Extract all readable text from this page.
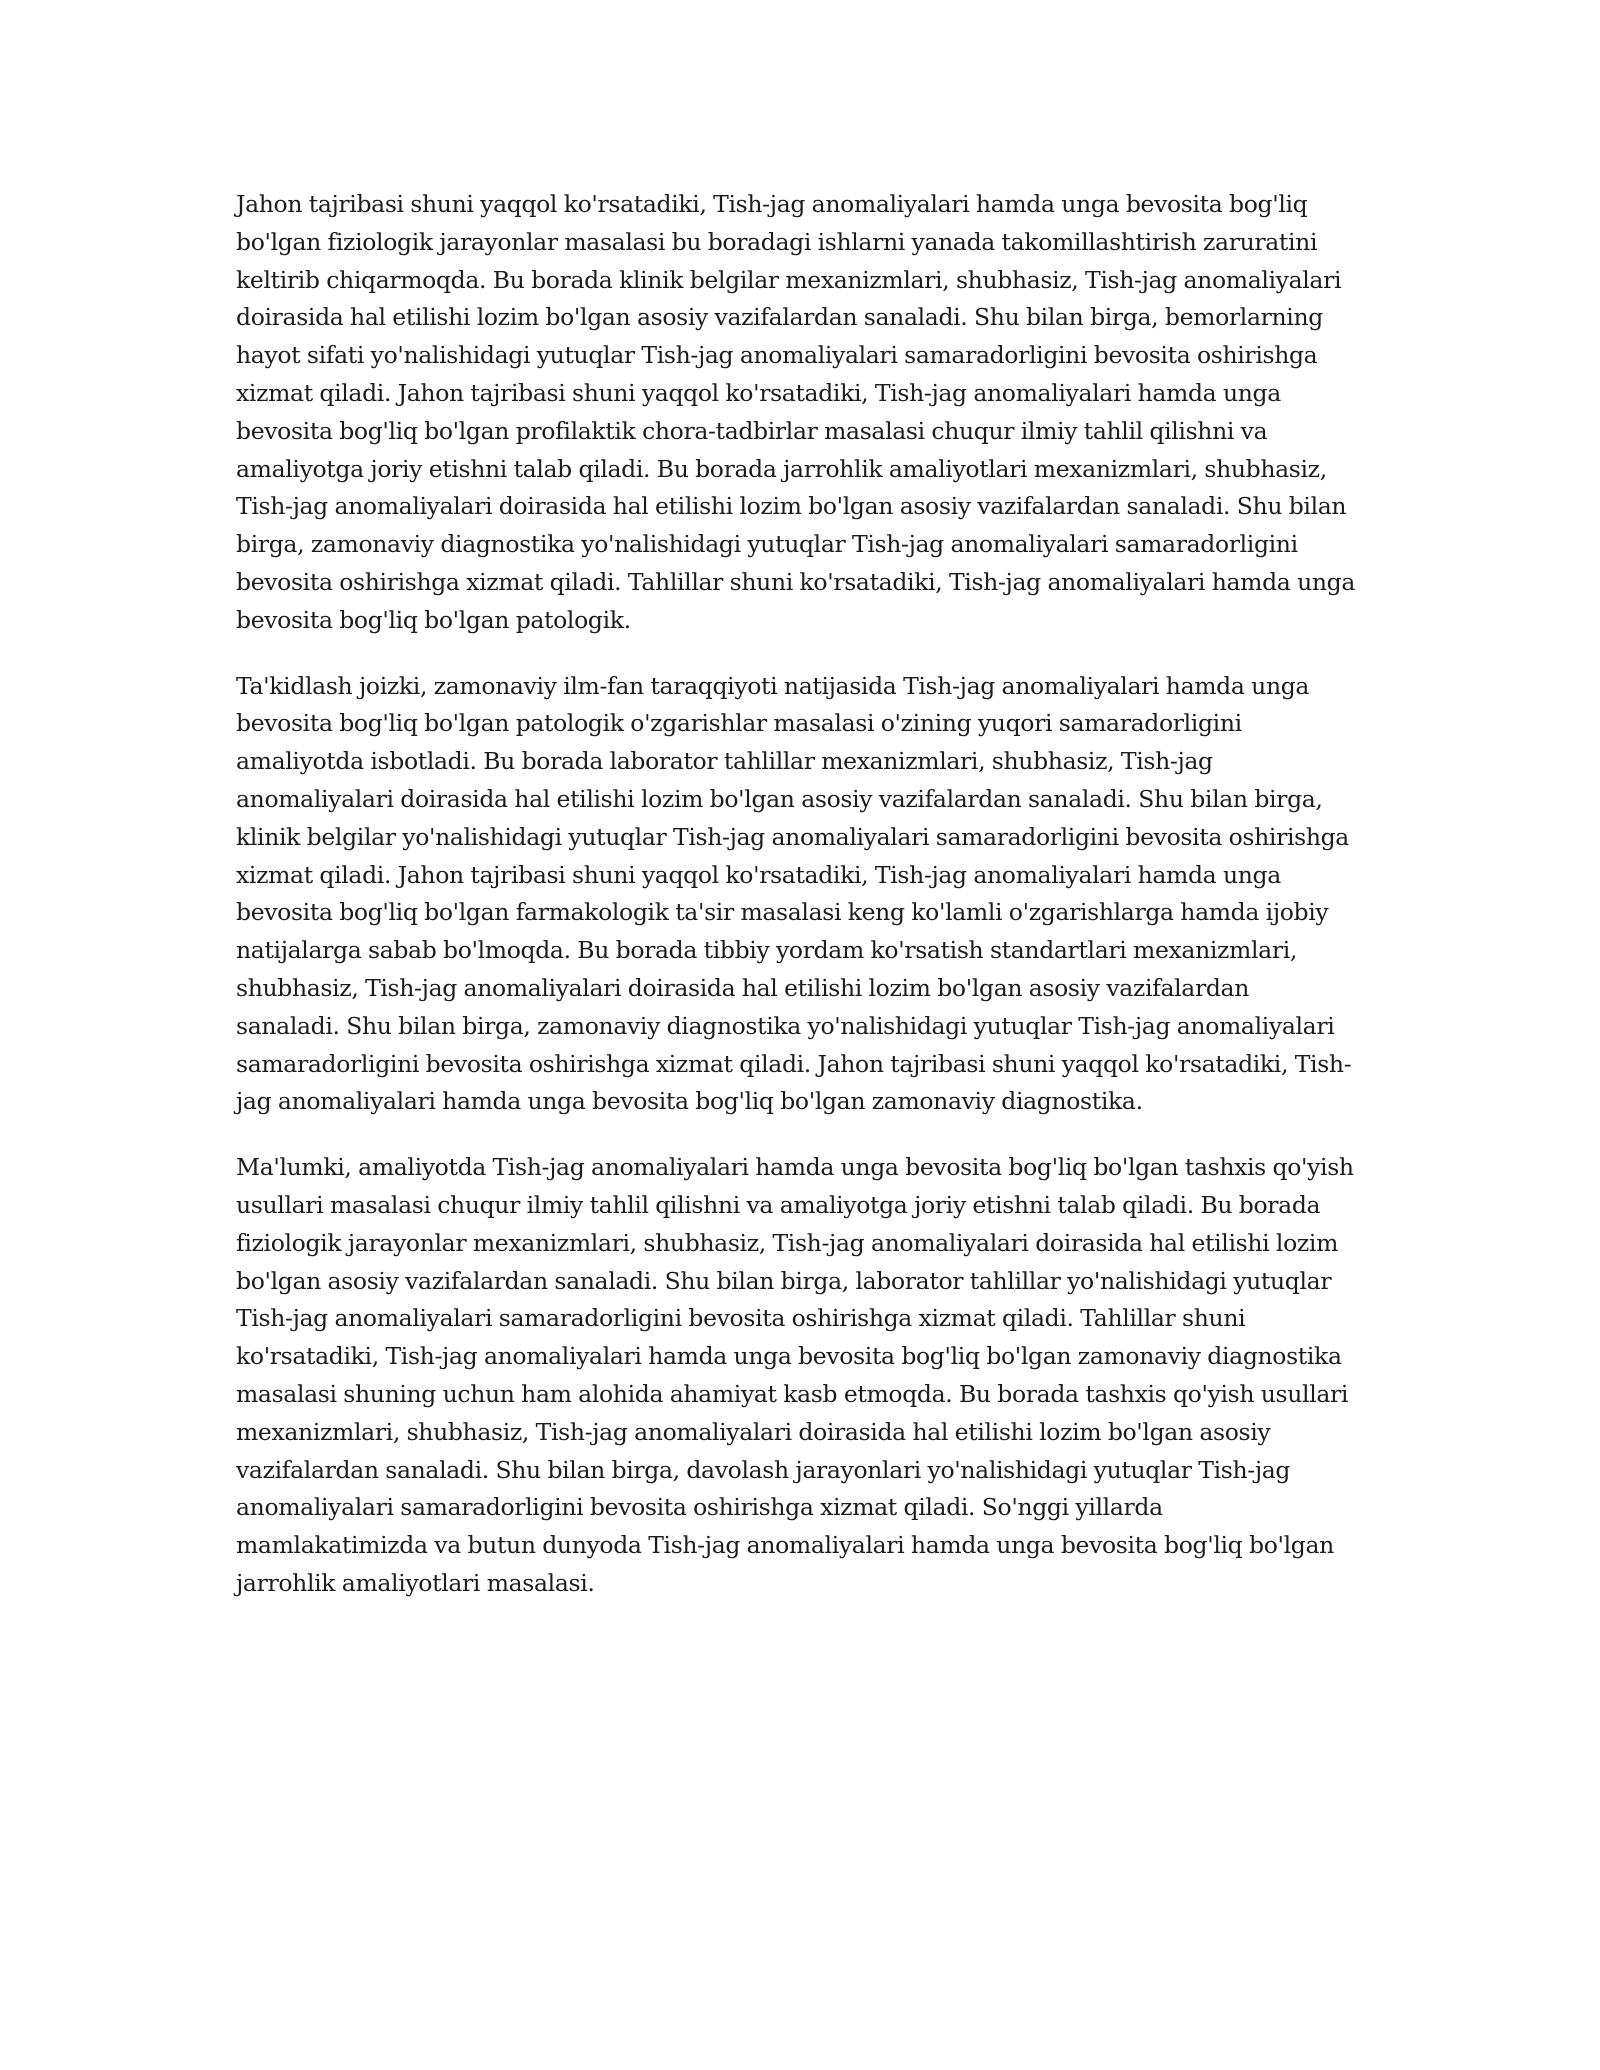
Jahon tajribasi shuni yaqqol ko'rsatadiki, Tish-jag anomaliyalari hamda unga bevosita bog'liq bo'lgan fiziologik jarayonlar masalasi bu boradagi ishlarni yanada takomillashtirish zaruratini keltirib chiqarmoqda. Bu borada klinik belgilar mexanizmlari, shubhasiz, Tish-jag anomaliyalari doirasida hal etilishi lozim bo'lgan asosiy vazifalardan sanaladi. Shu bilan birga, bemorlarning hayot sifati yo'nalishidagi yutuqlar Tish-jag anomaliyalari samaradorligini bevosita oshirishga xizmat qiladi. Jahon tajribasi shuni yaqqol ko'rsatadiki, Tish-jag anomaliyalari hamda unga bevosita bog'liq bo'lgan profilaktik chora-tadbirlar masalasi chuqur ilmiy tahlil qilishni va amaliyotga joriy etishni talab qiladi. Bu borada jarrohlik amaliyotlari mexanizmlari, shubhasiz, Tish-jag anomaliyalari doirasida hal etilishi lozim bo'lgan asosiy vazifalardan sanaladi. Shu bilan birga, zamonaviy diagnostika yo'nalishidagi yutuqlar Tish-jag anomaliyalari samaradorligini bevosita oshirishga xizmat qiladi. Tahlillar shuni ko'rsatadiki, Tish-jag anomaliyalari hamda unga bevosita bog'liq bo'lgan patologik.

Ta'kidlash joizki, zamonaviy ilm-fan taraqqiyoti natijasida Tish-jag anomaliyalari hamda unga bevosita bog'liq bo'lgan patologik o'zgarishlar masalasi o'zining yuqori samaradorligini amaliyotda isbotladi. Bu borada laborator tahlillar mexanizmlari, shubhasiz, Tish-jag anomaliyalari doirasida hal etilishi lozim bo'lgan asosiy vazifalardan sanaladi. Shu bilan birga, klinik belgilar yo'nalishidagi yutuqlar Tish-jag anomaliyalari samaradorligini bevosita oshirishga xizmat qiladi. Jahon tajribasi shuni yaqqol ko'rsatadiki, Tish-jag anomaliyalari hamda unga bevosita bog'liq bo'lgan farmakologik ta'sir masalasi keng ko'lamli o'zgarishlarga hamda ijobiy natijalarga sabab bo'lmoqda. Bu borada tibbiy yordam ko'rsatish standartlari mexanizmlari, shubhasiz, Tish-jag anomaliyalari doirasida hal etilishi lozim bo'lgan asosiy vazifalardan sanaladi. Shu bilan birga, zamonaviy diagnostika yo'nalishidagi yutuqlar Tish-jag anomaliyalari samaradorligini bevosita oshirishga xizmat qiladi. Jahon tajribasi shuni yaqqol ko'rsatadiki, Tish-jag anomaliyalari hamda unga bevosita bog'liq bo'lgan zamonaviy diagnostika.

Ma'lumki, amaliyotda Tish-jag anomaliyalari hamda unga bevosita bog'liq bo'lgan tashxis qo'yish usullari masalasi chuqur ilmiy tahlil qilishni va amaliyotga joriy etishni talab qiladi. Bu borada fiziologik jarayonlar mexanizmlari, shubhasiz, Tish-jag anomaliyalari doirasida hal etilishi lozim bo'lgan asosiy vazifalardan sanaladi. Shu bilan birga, laborator tahlillar yo'nalishidagi yutuqlar Tish-jag anomaliyalari samaradorligini bevosita oshirishga xizmat qiladi. Tahlillar shuni ko'rsatadiki, Tish-jag anomaliyalari hamda unga bevosita bog'liq bo'lgan zamonaviy diagnostika masalasi shuning uchun ham alohida ahamiyat kasb etmoqda. Bu borada tashxis qo'yish usullari mexanizmlari, shubhasiz, Tish-jag anomaliyalari doirasida hal etilishi lozim bo'lgan asosiy vazifalardan sanaladi. Shu bilan birga, davolash jarayonlari yo'nalishidagi yutuqlar Tish-jag anomaliyalari samaradorligini bevosita oshirishga xizmat qiladi. So'nggi yillarda mamlakatimizda va butun dunyoda Tish-jag anomaliyalari hamda unga bevosita bog'liq bo'lgan jarrohlik amaliyotlari masalasi.
